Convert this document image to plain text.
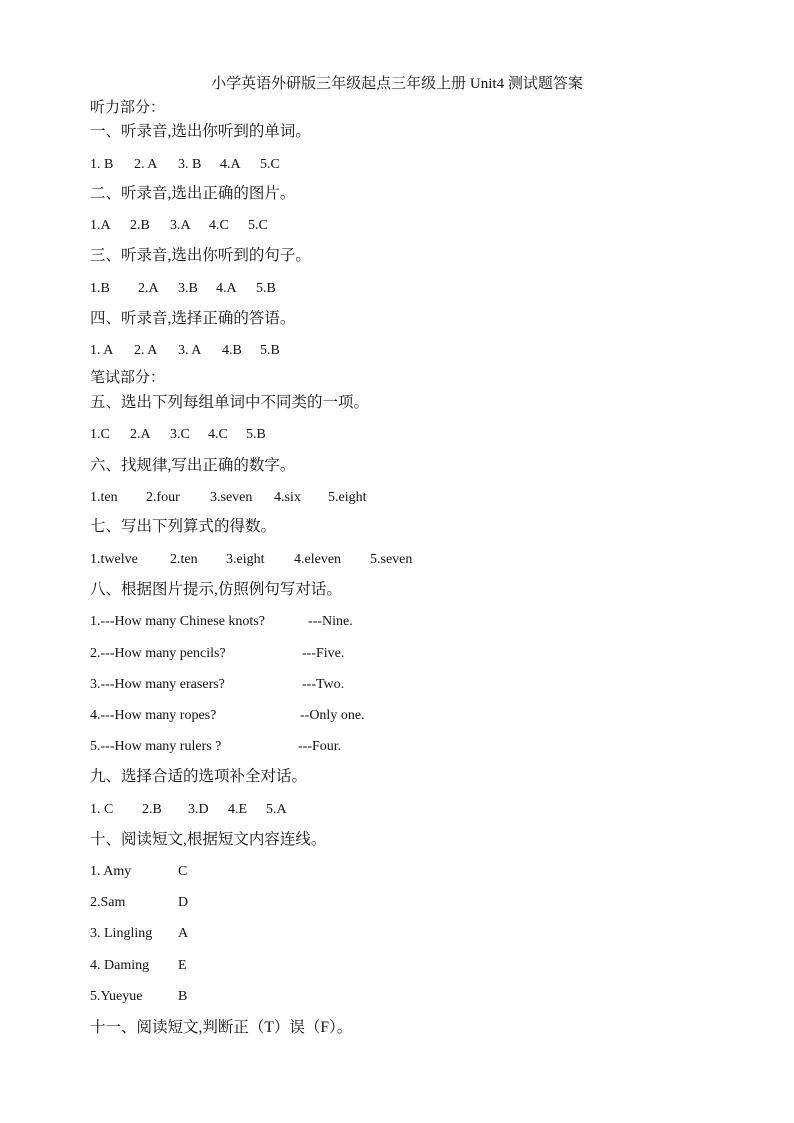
小学英语外研版三年级起点三年级上册 Unit4 测试题答案
听力部分：
一、听录音,选出你听到的单词。
1. B 2. A 3. B 4.A 5.C
二、听录音,选出正确的图片。
1.A 2.B 3.A 4.C 5.C
三、听录音,选出你听到的句子。
1.B 2.A 3.B 4.A 5.B
四、听录音,选择正确的答语。
1. A 2. A 3. A 4.B 5.B
笔试部分：
五、选出下列每组单词中不同类的一项。
1.C 2.A 3.C 4.C 5.B
六、找规律,写出正确的数字。
1.ten 2.four 3.seven 4.six 5.eight
七、写出下列算式的得数。
1.twelve 2.ten 3.eight 4.eleven 5.seven
八、根据图片提示,仿照例句写对话。
1.---How many Chinese knots?	---Nine.
2.---How many pencils?	---Five.
3.---How many erasers?	---Two.
4.---How many ropes?	--Only one.
5.---How many rulers ?	---Four.
九、选择合适的选项补全对话。
1. C 2.B 3.D 4.E 5.A
十、阅读短文,根据短文内容连线。
1. Amy	C
2.Sam	D
3. Lingling A
4. Daming E
5.Yueyue	B
十一、阅读短文,判断正（T）误（F）。
